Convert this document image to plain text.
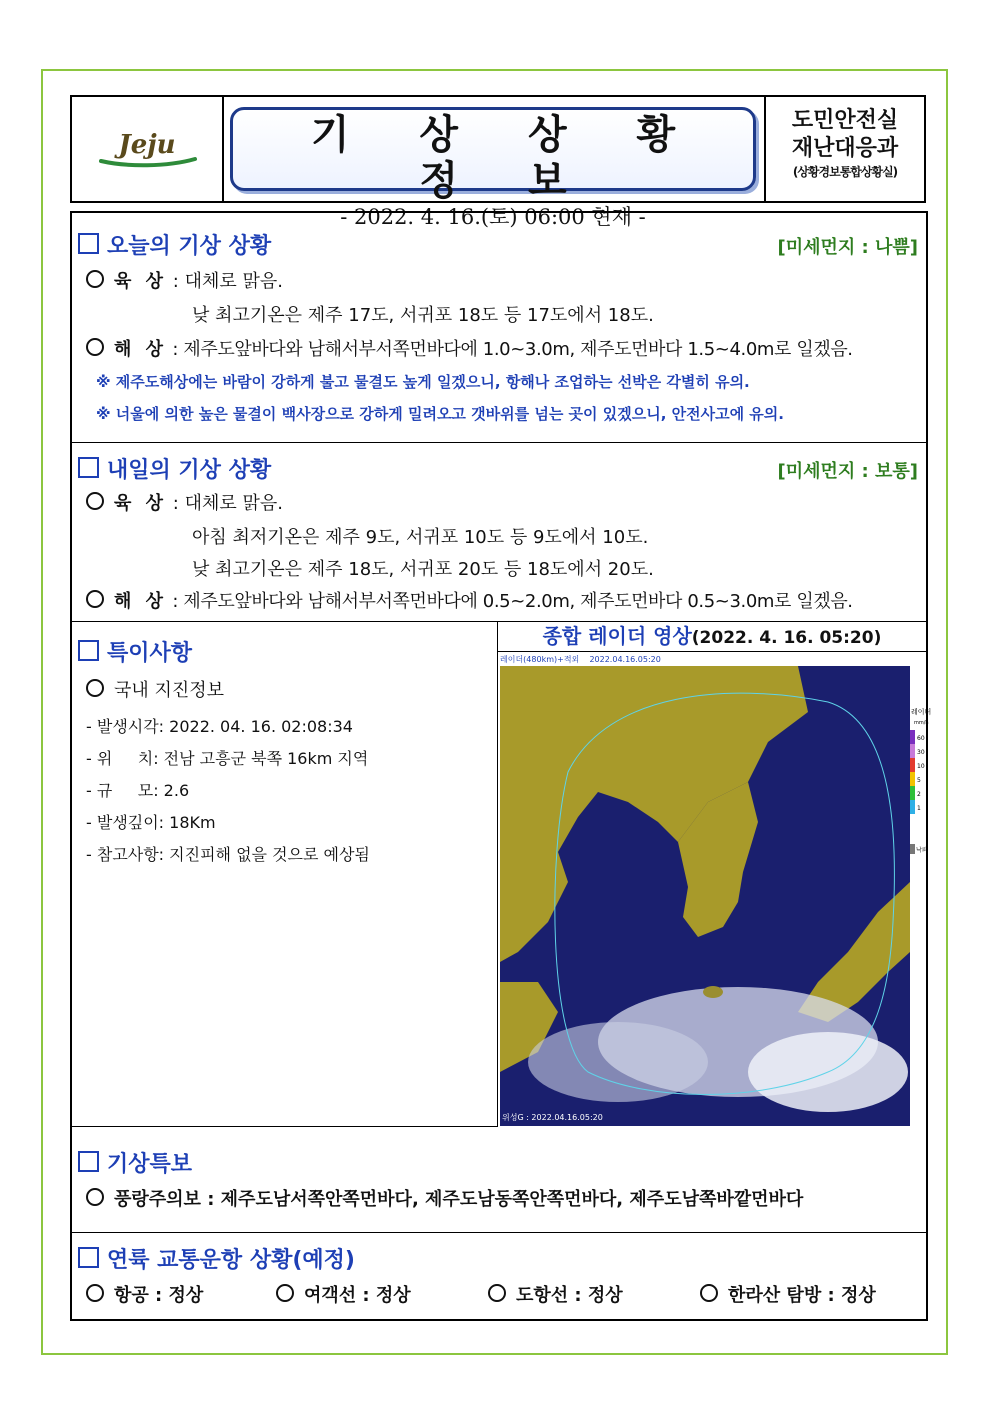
Jeju	기 상 상 황 정 보
- 2022. 4. 16.(토) 06:00 현재 -
도민안전실
재난대응과
(상황경보통합상황실)
오늘의 기상 상황	[미세먼지 : 나쁨]
육 상 : 대체로 맑음.
낮 최고기온은 제주 17도, 서귀포 18도 등 17도에서 18도.
해 상 : 제주도앞바다와 남해서부서쪽먼바다에 1.0~3.0m, 제주도먼바다 1.5~4.0m로 일겠음.
※ 제주도해상에는 바람이 강하게 불고 물결도 높게 일겠으니, 항해나 조업하는 선박은 각별히 유의.
※ 너울에 의한 높은 물결이 백사장으로 강하게 밀려오고 갯바위를 넘는 곳이 있겠으니, 안전사고에 유의.
내일의 기상 상황	[미세먼지 : 보통]
육 상 : 대체로 맑음.
아침 최저기온은 제주 9도, 서귀포 10도 등 9도에서 10도.
낮 최고기온은 제주 18도, 서귀포 20도 등 18도에서 20도.
해 상 : 제주도앞바다와 남해서부서쪽먼바다에 0.5~2.0m, 제주도먼바다 0.5~3.0m로 일겠음.
특이사항
국내 지진정보
- 발생시각: 2022. 04. 16. 02:08:34
- 위     치: 전남 고흥군 북쪽 16km 지역
- 규     모: 2.6
- 발생깊이: 18Km
- 참고사항: 지진피해 없을 것으로 예상됨
종합 레이더 영상(2022. 4. 16. 05:20)
레이더
mm/h
60
30
10
5
2
1
낙뢰
레이더(480km)+적외    2022.04.16.05:20
위성G : 2022.04.16.05:20
기상특보
풍랑주의보 : 제주도남서쪽안쪽먼바다, 제주도남동쪽안쪽먼바다, 제주도남쪽바깥먼바다
연륙 교통운항 상황(예정)
항공 : 정상	여객선 : 정상	도항선 : 정상	한라산 탐방 : 정상
